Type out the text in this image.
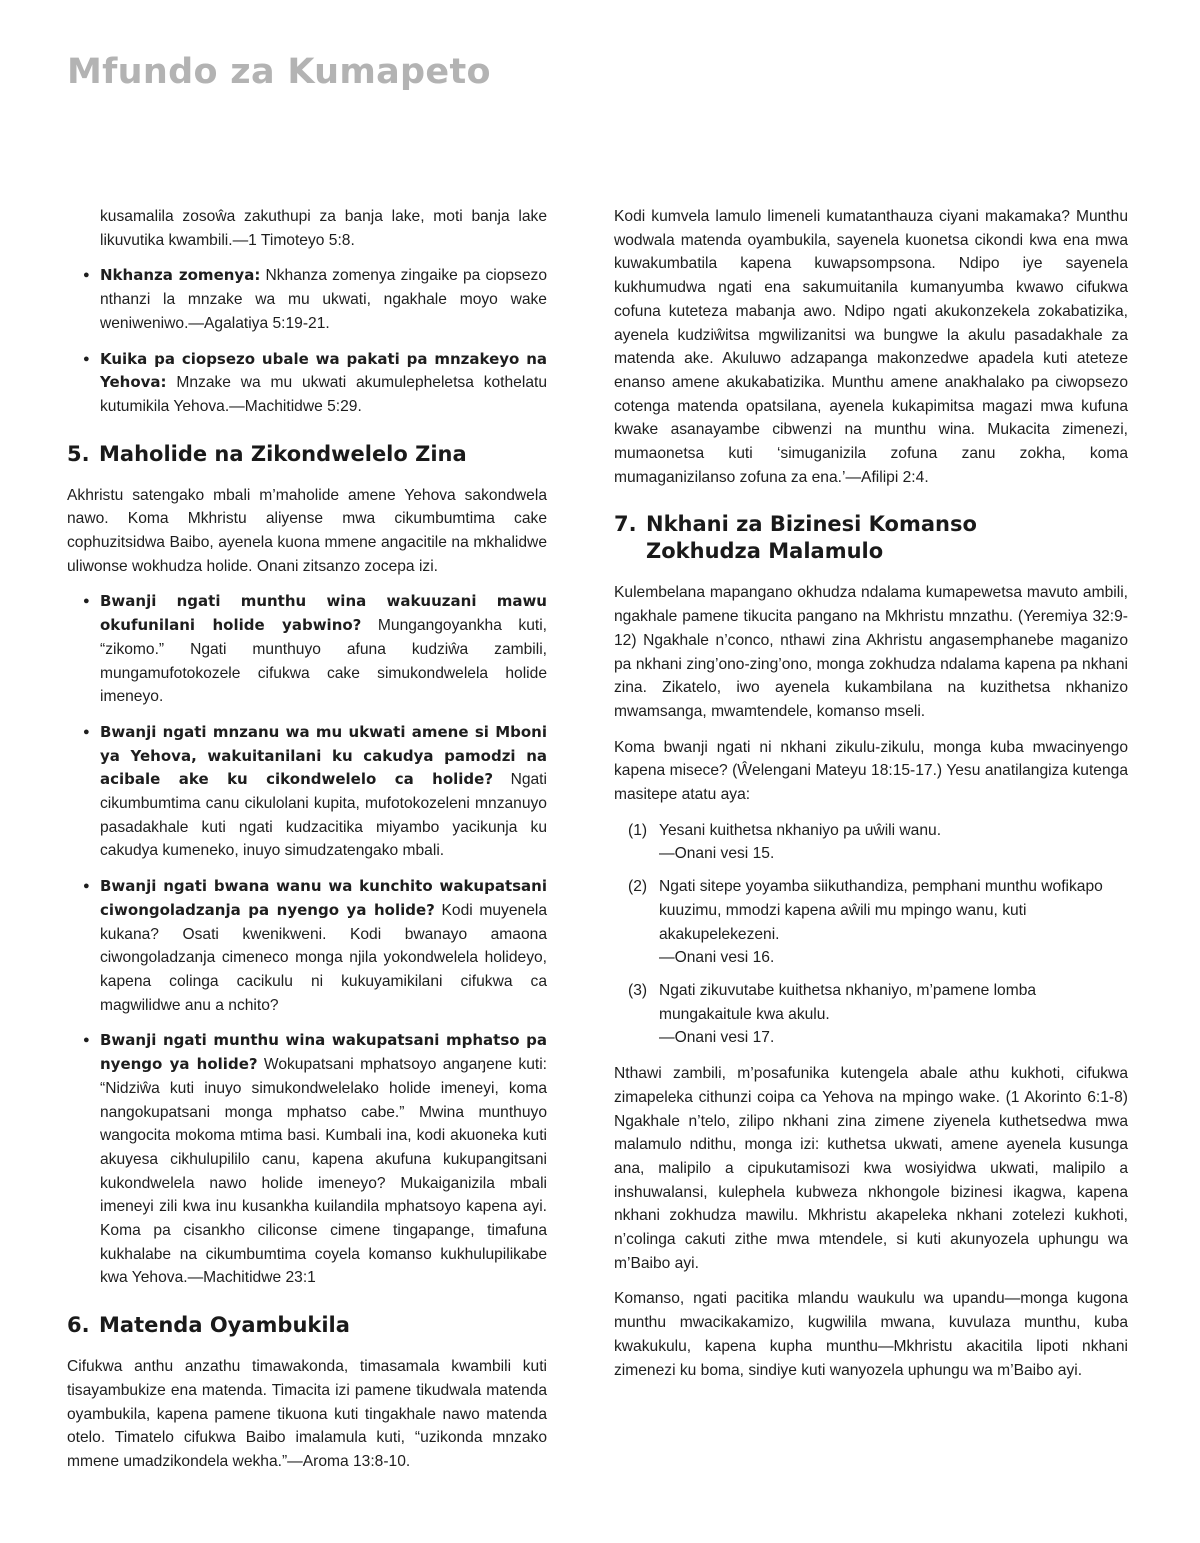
Mfundo za Kumapeto

kusamalila zosoŵa zakuthupi za banja lake, moti banja lake likuvutika kwambili.—1 Timoteyo 5:8.

● Nkhanza zomenya: Nkhanza zomenya zingaike pa ciopsezo nthanzi la mnzake wa mu ukwati, ngakhale moyo wake weniweniwo.—Agalatiya 5:19-21.
● Kuika pa ciopsezo ubale wa pakati pa mnzakeyo na Yehova: Mnzake wa mu ukwati akumulepheletsa kothelatu kutumikila Yehova.—Machitidwe 5:29.
5. Maholide na Zikondwelelo Zina

Akhristu satengako mbali m’maholide amene Yehova sakondwela nawo. Koma Mkhristu aliyense mwa cikumbumtima cake cophuzitsidwa Baibo, ayenela kuona mmene angacitile na mkhalidwe uliwonse wokhudza holide. Onani zitsanzo zocepa izi.

● Bwanji ngati munthu wina wakuuzani mawu okufunilani holide yabwino? Mungangoyankha kuti, “zikomo.” Ngati munthuyo afuna kudziŵa zambili, mungamufotokozele cifukwa cake simukondwelela holide imeneyo.
● Bwanji ngati mnzanu wa mu ukwati amene si Mboni ya Yehova, wakuitanilani ku cakudya pamodzi na acibale ake ku cikondwelelo ca holide? Ngati cikumbumtima canu cikulolani kupita, mufotokozeleni mnzanuyo pasadakhale kuti ngati kudzacitika miyambo yacikunja ku cakudya kumeneko, inuyo simudzatengako mbali.
● Bwanji ngati bwana wanu wa kunchito wakupatsani ciwongoladzanja pa nyengo ya holide? Kodi muyenela kukana? Osati kwenikweni. Kodi bwanayo amaona ciwongoladzanja cimeneco monga njila yokondwelela holideyo, kapena colinga cacikulu ni kukuyamikilani cifukwa ca magwilidwe anu a nchito?
● Bwanji ngati munthu wina wakupatsani mphatso pa nyengo ya holide? Wokupatsani mphatsoyo angaŋene kuti: “Nidziŵa kuti inuyo simukondwelelako holide imeneyi, koma nangokupatsani monga mphatso cabe.” Mwina munthuyo wangocita mokoma mtima basi. Kumbali ina, kodi akuoneka kuti akuyesa cikhulupililo canu, kapena akufuna kukupangitsani kukondwelela nawo holide imeneyo? Mukaiganizila mbali imeneyi zili kwa inu kusankha kuilandila mphatsoyo kapena ayi. Koma pa cisankho ciliconse cimene tingapange, timafuna kukhalabe na cikumbumtima coyela komanso kukhulupilikabe kwa Yehova.—Machitidwe 23:1
6. Matenda Oyambukila

Cifukwa anthu anzathu timawakonda, timasamala kwambili kuti tisayambukize ena matenda. Timacita izi pamene tikudwala matenda oyambukila, kapena pamene tikuona kuti tingakhale nawo matenda otelo. Timatelo cifukwa Baibo imalamula kuti, “uzikonda mnzako mmene umadzikondela wekha.”—Aroma 13:8-10.

Kodi kumvela lamulo limeneli kumatanthauza ciyani makamaka? Munthu wodwala matenda oyambukila, sayenela kuonetsa cikondi kwa ena mwa kuwakumbatila kapena kuwapsompsona. Ndipo iye sayenela kukhumudwa ngati ena sakumuitanila kumanyumba kwawo cifukwa cofuna kuteteza mabanja awo. Ndipo ngati akukonzekela zokabatizika, ayenela kudziŵitsa mgwilizanitsi wa bungwe la akulu pasadakhale za matenda ake. Akuluwo adzapanga makonzedwe apadela kuti ateteze enanso amene akukabatizika. Munthu amene anakhalako pa ciwopsezo cotenga matenda opatsilana, ayenela kukapimitsa magazi mwa kufuna kwake asanayambe cibwenzi na munthu wina. Mukacita zimenezi, mumaonetsa kuti ‘simuganizila zofuna zanu zokha, koma mumaganizilanso zofuna za ena.’—Afilipi 2:4.

7. Nkhani za Bizinesi Komanso
Zokhudza Malamulo

Kulembelana mapangano okhudza ndalama kumapewetsa mavuto ambili, ngakhale pamene tikucita pangano na Mkhristu mnzathu. (Yeremiya 32:9-12) Ngakhale n’conco, nthawi zina Akhristu angasemphanebe maganizo pa nkhani zing’ono-zing’ono, monga zokhudza ndalama kapena pa nkhani zina. Zikatelo, iwo ayenela kukambilana na kuzithetsa nkhanizo mwamsanga, mwamtendele, komanso mseli.

Koma bwanji ngati ni nkhani zikulu-zikulu, monga kuba mwacinyengo kapena misece? (Ŵelengani Mateyu 18:15-17.) Yesu anatilangiza kutenga masitepe atatu aya:

(1) Yesani kuithetsa nkhaniyo pa uŵili wanu.
—Onani vesi 15.
(2) Ngati sitepe yoyamba siikuthandiza, pemphani munthu wofikapo kuuzimu, mmodzi kapena aŵili mu mpingo wanu, kuti akakupelekezeni.
—Onani vesi 16.
(3) Ngati zikuvutabe kuithetsa nkhaniyo, m’pamene lomba mungakaitule kwa akulu.
—Onani vesi 17.

Nthawi zambili, m’posafunika kutengela abale athu kukhoti, cifukwa zimapeleka cithunzi coipa ca Yehova na mpingo wake. (1 Akorinto 6:1-8) Ngakhale n’telo, zilipo nkhani zina zimene ziyenela kuthetsedwa mwa malamulo ndithu, monga izi: kuthetsa ukwati, amene ayenela kusunga ana, malipilo a cipukutamisozi kwa wosiyidwa ukwati, malipilo a inshuwalansi, kulephela kubweza nkhongole bizinesi ikagwa, kapena nkhani zokhudza mawilu. Mkhristu akapeleka nkhani zotelezi kukhoti, n’colinga cakuti zithe mwa mtendele, si kuti akunyozela uphungu wa m’Baibo ayi.

Komanso, ngati pacitika mlandu waukulu wa upandu—monga kugona munthu mwacikakamizo, kugwilila mwana, kuvulaza munthu, kuba kwakukulu, kapena kupha munthu—Mkhristu akacitila lipoti nkhani zimenezi ku boma, sindiye kuti wanyozela uphungu wa m’Baibo ayi.
